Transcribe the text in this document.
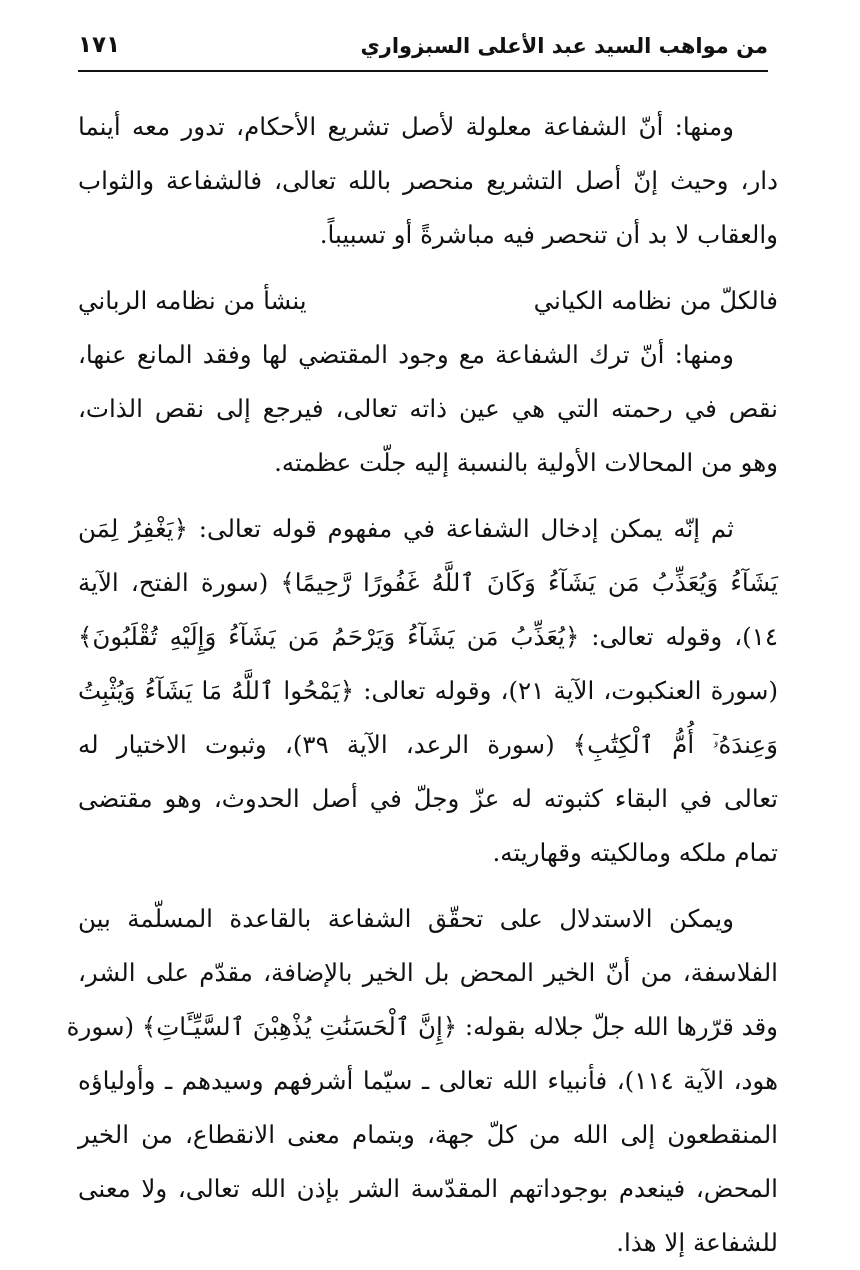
من مواهب السيد عبد الأعلى السبزواري
١٧١
ومنها: أنّ الشفاعة معلولة لأصل تشريع الأحكام، تدور معه أينما
دار، وحيث إنّ أصل التشريع منحصر بالله تعالى، فالشفاعة والثواب
والعقاب لا بد أن تنحصر فيه مباشرةً أو تسبيباً.
فالكلّ من نظامه الكياني
ينشأ من نظامه الرباني
ومنها: أنّ ترك الشفاعة مع وجود المقتضي لها وفقد المانع عنها،
نقص في رحمته التي هي عين ذاته تعالى، فيرجع إلى نقص الذات،
وهو من المحالات الأولية بالنسبة إليه جلّت عظمته.
ثم إنّه يمكن إدخال الشفاعة في مفهوم قوله تعالى: ﴿يَغْفِرُ لِمَن
يَشَآءُ وَيُعَذِّبُ مَن يَشَآءُ وَكَانَ ٱللَّهُ غَفُورًا رَّحِيمًا﴾ (سورة الفتح، الآية
١٤)، وقوله تعالى: ﴿يُعَذِّبُ مَن يَشَآءُ وَيَرْحَمُ مَن يَشَآءُ وَإِلَيْهِ تُقْلَبُونَ﴾
(سورة العنكبوت، الآية ٢١)، وقوله تعالى: ﴿يَمْحُوا ٱللَّهُ مَا يَشَآءُ وَيُثْبِتُ
وَعِندَهُۥٓ أُمُّ ٱلْكِتَٰبِ﴾ (سورة الرعد، الآية ٣٩)، وثبوت الاختيار له
تعالى في البقاء كثبوته له عزّ وجلّ في أصل الحدوث، وهو مقتضى
تمام ملكه ومالكيته وقهاريته.
ويمكن الاستدلال على تحقّق الشفاعة بالقاعدة المسلّمة بين
الفلاسفة، من أنّ الخير المحض بل الخير بالإضافة، مقدّم على الشر،
وقد قرّرها الله جلّ جلاله بقوله: ﴿إِنَّ ٱلْحَسَنَٰتِ يُذْهِبْنَ ٱلسَّيِّـَٔاتِ﴾ (سورة
هود، الآية ١١٤)، فأنبياء الله تعالى ـ سيّما أشرفهم وسيدهم ـ وأولياؤه
المنقطعون إلى الله من كلّ جهة، وبتمام معنى الانقطاع، من الخير
المحض، فينعدم بوجوداتهم المقدّسة الشر بإذن الله تعالى، ولا معنى
للشفاعة إلا هذا.
